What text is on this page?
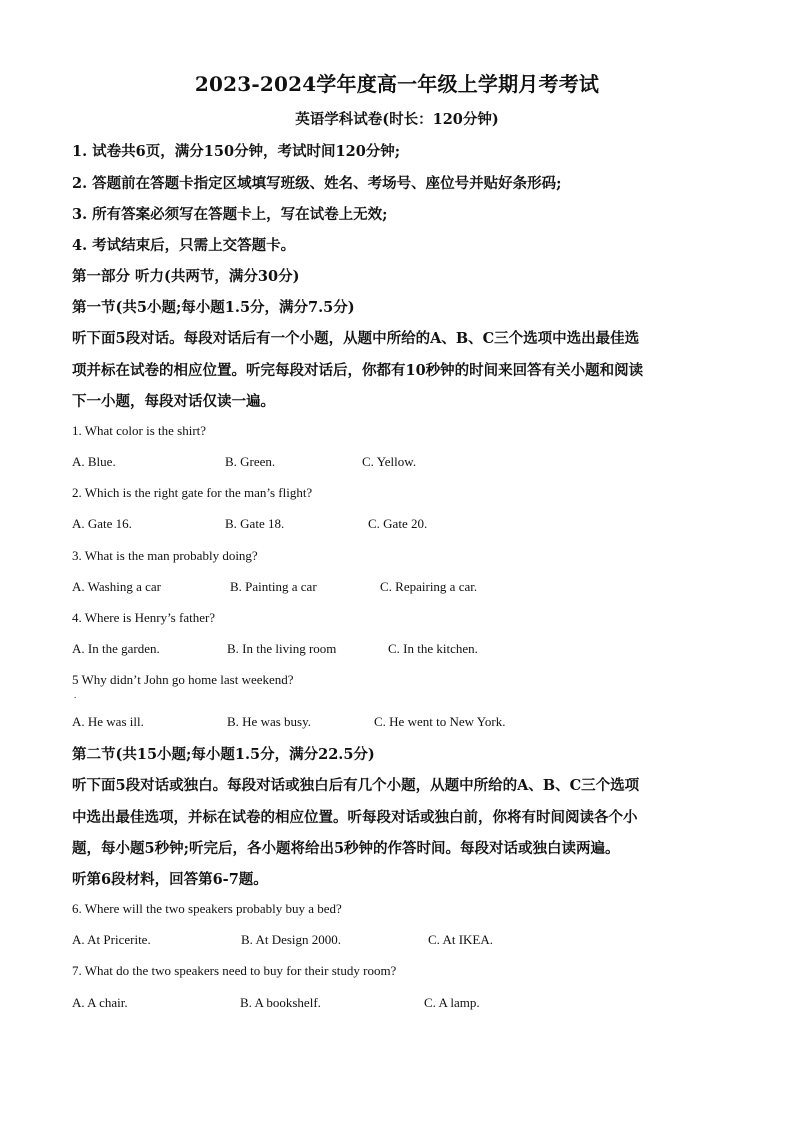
2023-2024学年度高一年级上学期月考考试
英语学科试卷(时长：120分钟)
1. 试卷共6页，满分150分钟，考试时间120分钟;
2. 答题前在答题卡指定区域填写班级、姓名、考场号、座位号并贴好条形码;
3. 所有答案必须写在答题卡上，写在试卷上无效;
4. 考试结束后，只需上交答题卡。
第一部分 听力(共两节，满分30分)
第一节(共5小题;每小题1.5分，满分7.5分)
听下面5段对话。每段对话后有一个小题，从题中所给的A、B、C三个选项中选出最佳选
项并标在试卷的相应位置。听完每段对话后，你都有10秒钟的时间来回答有关小题和阅读
下一小题，每段对话仅读一遍。
1. What color is the shirt?
A. Blue.	B. Green.	C. Yellow.
2. Which is the right gate for the man’s flight?
A. Gate 16.	B. Gate 18.	C. Gate 20.
3. What is the man probably doing?
A. Washing a car	B. Painting a car	C. Repairing a car.
4. Where is Henry’s father?
A. In the garden.	B. In the living room	C. In the kitchen.
5 Why didn’t John go home last weekend?
.
A. He was ill.	B. He was busy.	C. He went to New York.
第二节(共15小题;每小题1.5分，满分22.5分)
听下面5段对话或独白。每段对话或独白后有几个小题，从题中所给的A、B、C三个选项
中选出最佳选项，并标在试卷的相应位置。听每段对话或独白前，你将有时间阅读各个小
题，每小题5秒钟;听完后，各小题将给出5秒钟的作答时间。每段对话或独白读两遍。
听第6段材料，回答第6-7题。
6. Where will the two speakers probably buy a bed?
A. At Pricerite.	B. At Design 2000.	C. At IKEA.
7. What do the two speakers need to buy for their study room?
A. A chair.	B. A bookshelf.	C. A lamp.
